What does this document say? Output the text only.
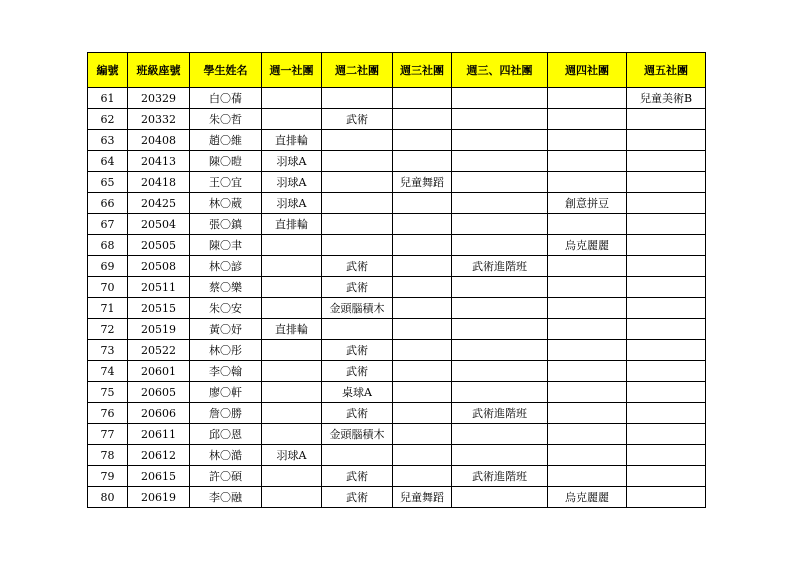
編號	班級座號	學生姓名	週一社團	週二社團	週三社團	週三、四社團	週四社團	週五社團
61	20329	白〇蒨						兒童美術B
62	20332	朱〇哲		武術				
63	20408	趙〇維	直排輪					
64	20413	陳〇暟	羽球A					
65	20418	王〇宜	羽球A		兒童舞蹈			
66	20425	林〇葳	羽球A				創意拼豆	
67	20504	張〇鎮	直排輪					
68	20505	陳〇聿					烏克麗麗	
69	20508	林〇諺		武術		武術進階班		
70	20511	蔡〇樂		武術				
71	20515	朱〇安		金頭腦積木				
72	20519	黃〇妤	直排輪					
73	20522	林〇彤		武術				
74	20601	李〇翰		武術				
75	20605	廖〇軒		桌球A				
76	20606	詹〇勝		武術		武術進階班		
77	20611	邱〇恩		金頭腦積木				
78	20612	林〇澔	羽球A					
79	20615	許〇碩		武術		武術進階班		
80	20619	李〇融		武術	兒童舞蹈		烏克麗麗	
